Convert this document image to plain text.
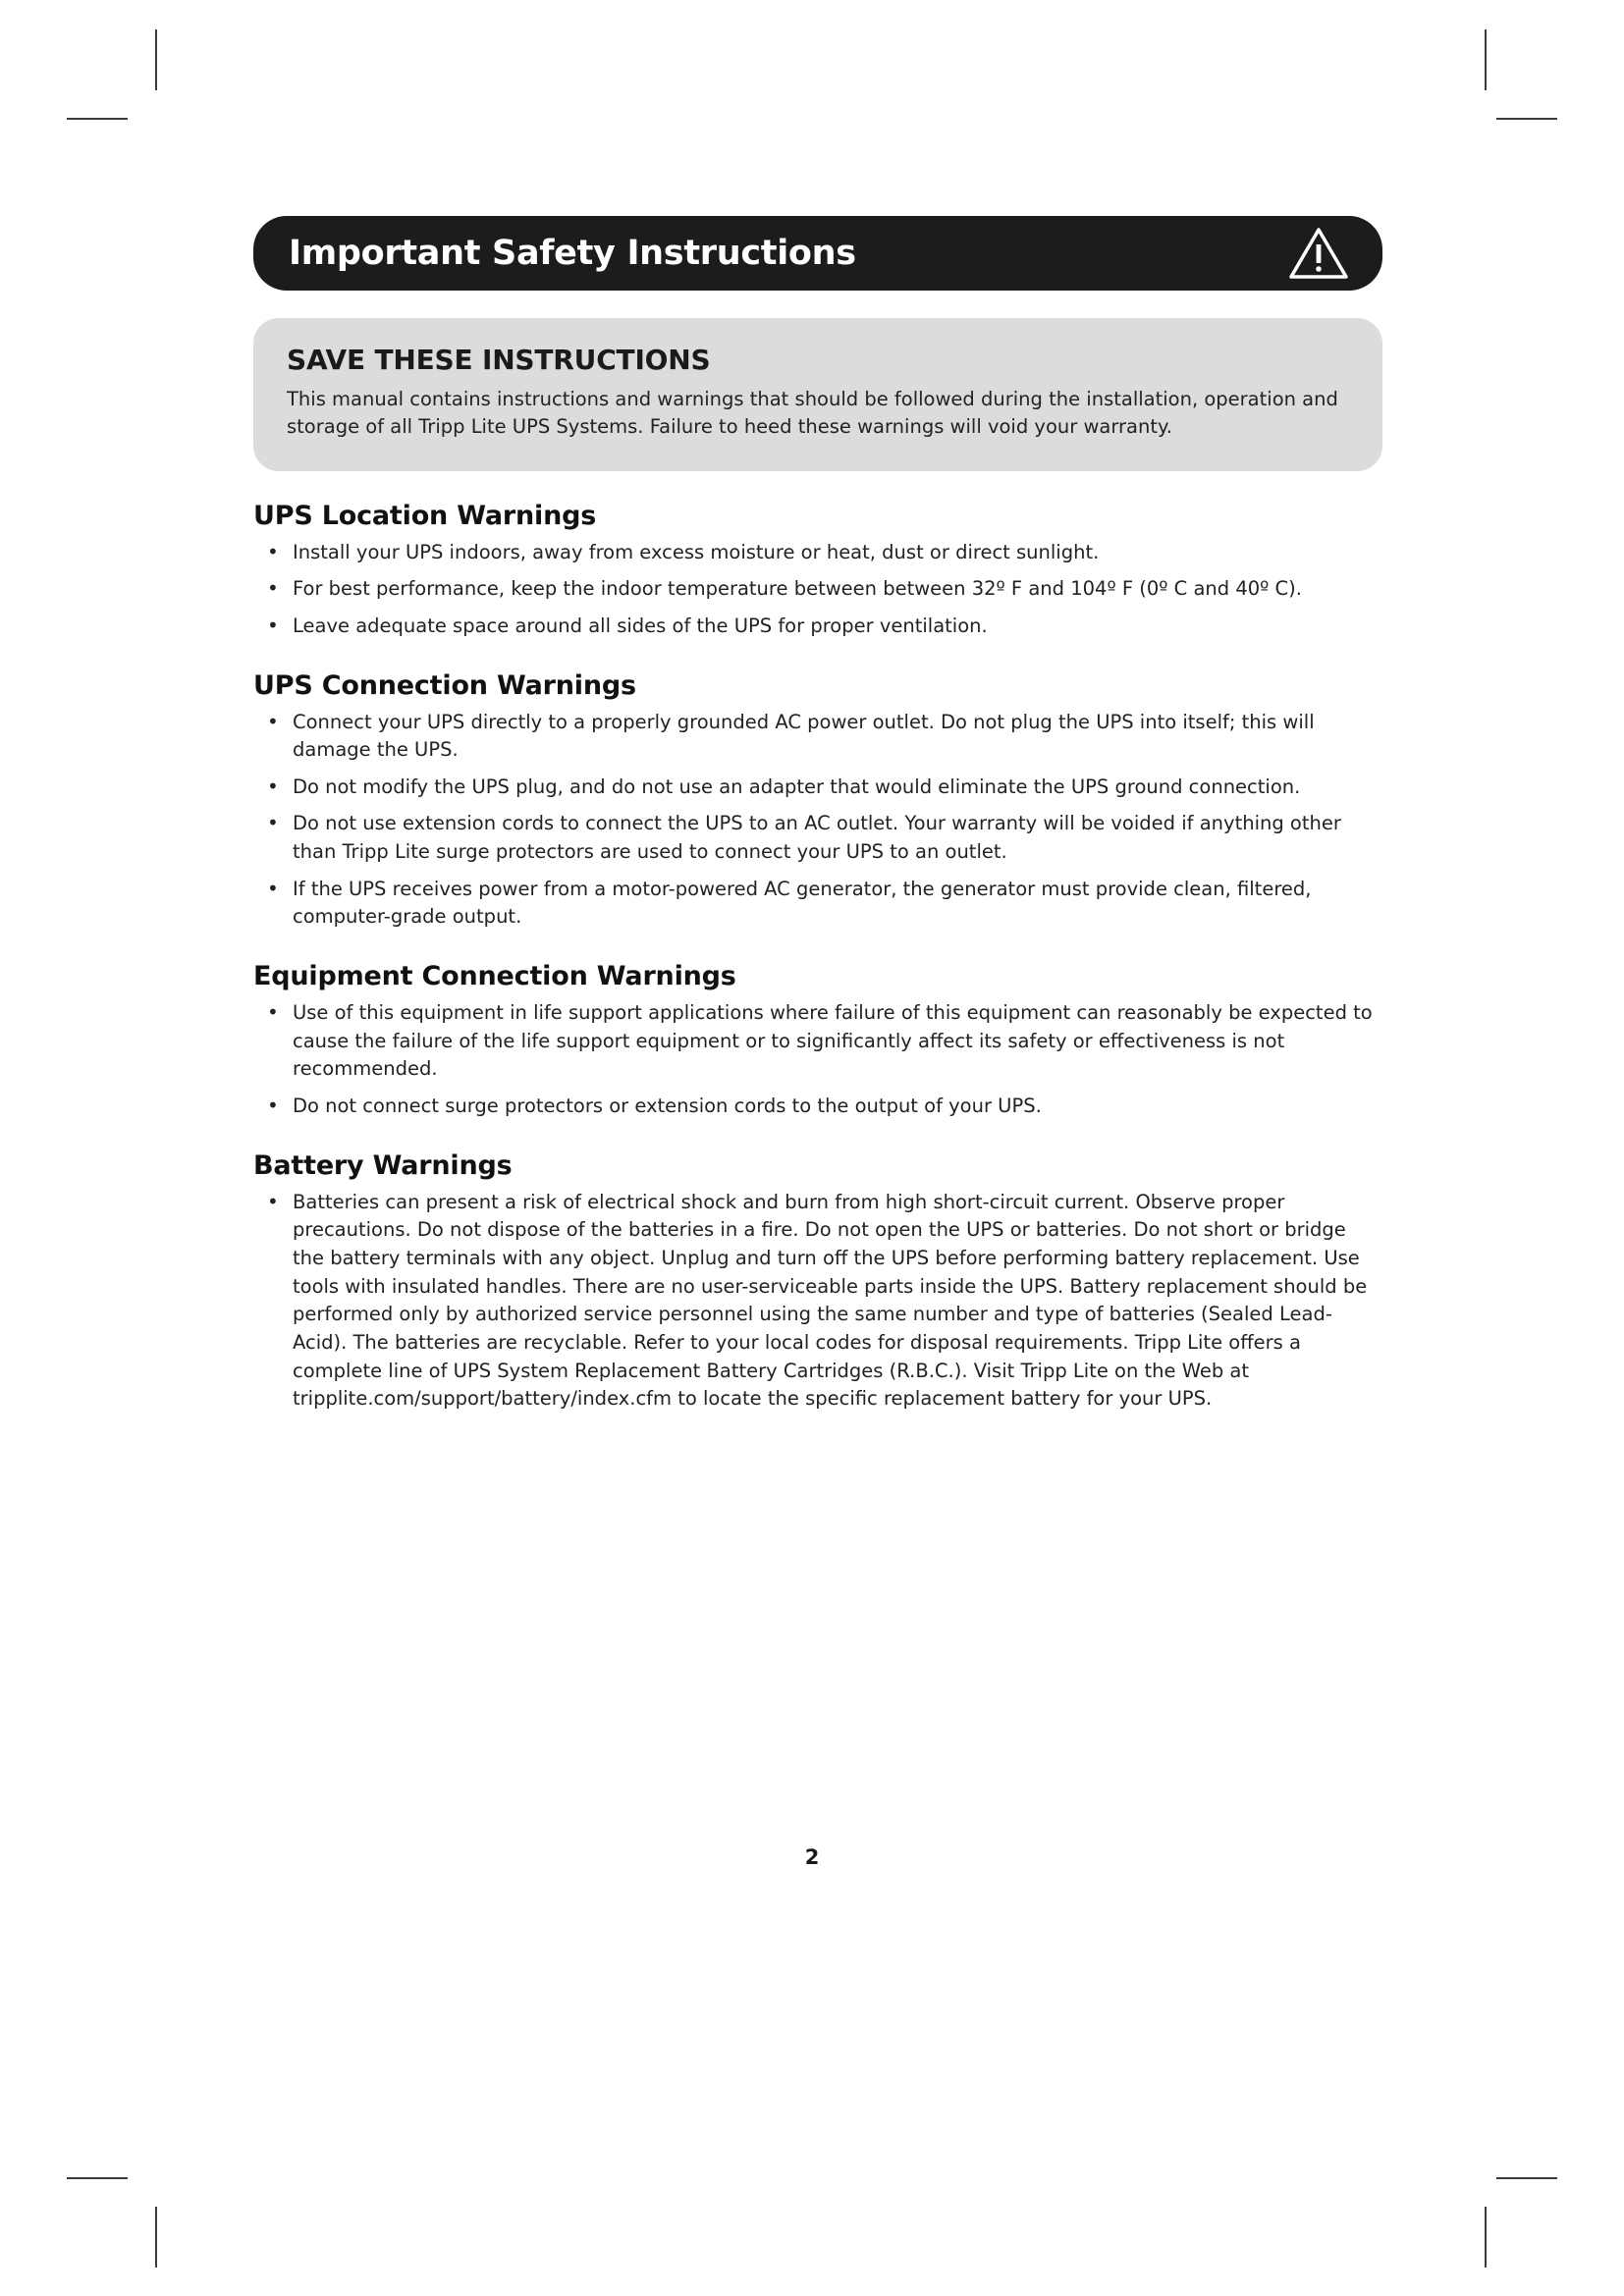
Important Safety Instructions
SAVE THESE INSTRUCTIONS

This manual contains instructions and warnings that should be followed during the installation, operation and storage of all Tripp Lite UPS Systems. Failure to heed these warnings will void your warranty.

UPS Location Warnings
• Install your UPS indoors, away from excess moisture or heat, dust or direct sunlight.
• For best performance, keep the indoor temperature between between 32º F and 104º F (0º C and 40º C).
• Leave adequate space around all sides of the UPS for proper ventilation.
UPS Connection Warnings
• Connect your UPS directly to a properly grounded AC power outlet. Do not plug the UPS into itself; this will damage the UPS.
• Do not modify the UPS plug, and do not use an adapter that would eliminate the UPS ground connection.
• Do not use extension cords to connect the UPS to an AC outlet. Your warranty will be voided if anything other than Tripp Lite surge protectors are used to connect your UPS to an outlet.
• If the UPS receives power from a motor-powered AC generator, the generator must provide clean, filtered, computer-grade output.
Equipment Connection Warnings
• Use of this equipment in life support applications where failure of this equipment can reasonably be expected to cause the failure of the life support equipment or to significantly affect its safety or effectiveness is not recommended.
• Do not connect surge protectors or extension cords to the output of your UPS.
Battery Warnings
• Batteries can present a risk of electrical shock and burn from high short-circuit current. Observe proper precautions. Do not dispose of the batteries in a fire. Do not open the UPS or batteries. Do not short or bridge the battery terminals with any object. Unplug and turn off the UPS before performing battery replacement. Use tools with insulated handles. There are no user-serviceable parts inside the UPS. Battery replacement should be performed only by authorized service personnel using the same number and type of batteries (Sealed Lead-Acid). The batteries are recyclable. Refer to your local codes for disposal requirements. Tripp Lite offers a complete line of UPS System Replacement Battery Cartridges (R.B.C.). Visit Tripp Lite on the Web at tripplite.com/support/battery/index.cfm to locate the specific replacement battery for your UPS.
2
